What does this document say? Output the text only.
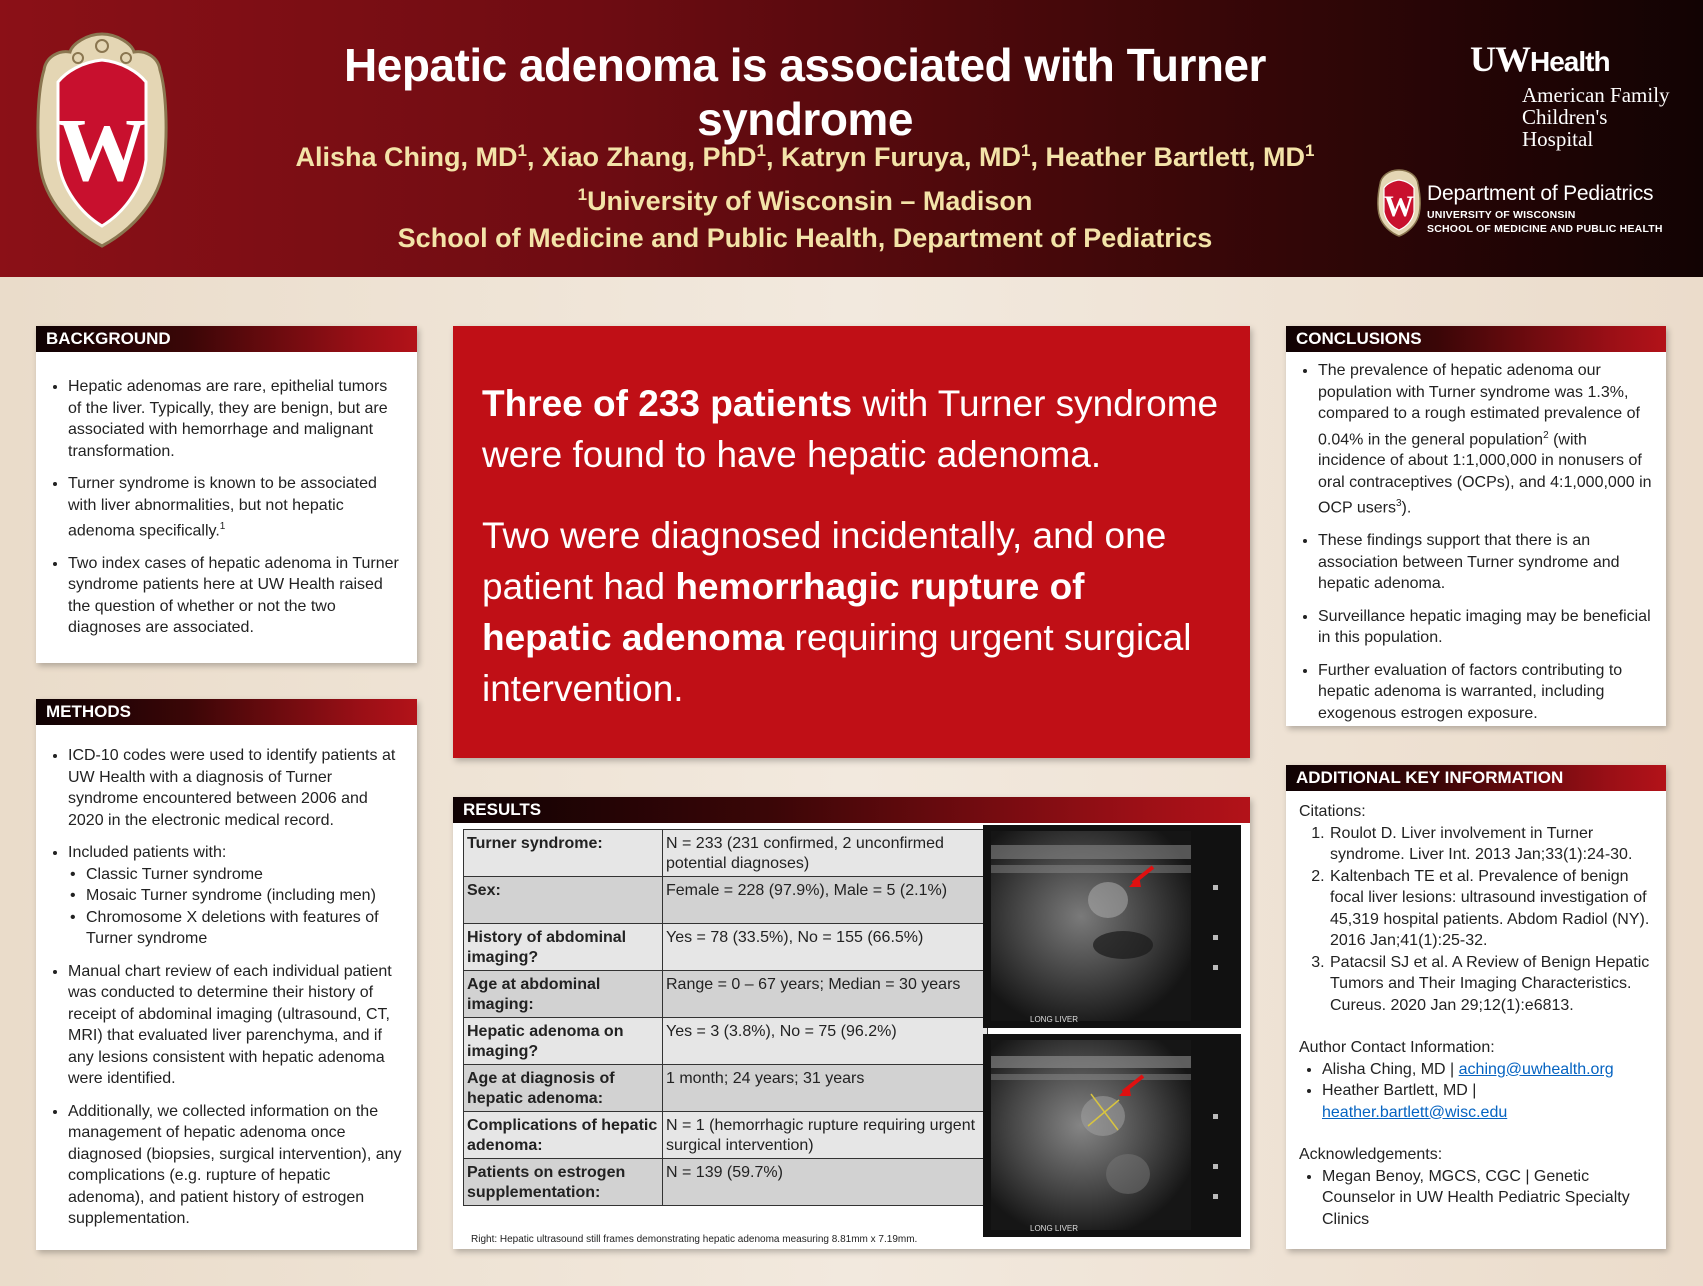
W
Hepatic adenoma is associated with Turner syndrome
Alisha Ching, $MD^1$, Xiao Zhang, PhD$^1$, Katryn Furuya, $MD^1$, Heather Bartlett, $MD^1$
$^1$University of Wisconsin – Madison
School of Medicine and Public Health, Department of Pediatrics
UWHealth
American Family
Children's Hospital
W Department of Pediatrics
UNIVERSITY OF WISCONSIN
SCHOOL OF MEDICINE AND PUBLIC HEALTH
BACKGROUND
• Hepatic adenomas are rare, epithelial tumors of the liver. Typically, they are benign, but are associated with hemorrhage and malignant transformation.
• Turner syndrome is known to be associated with liver abnormalities, but not hepatic adenoma specifically.$^1$
• Two index cases of hepatic adenoma in Turner syndrome patients here at UW Health raised the question of whether or not the two diagnoses are associated.
METHODS
• ICD-10 codes were used to identify patients at UW Health with a diagnosis of Turner syndrome encountered between 2006 and 2020 in the electronic medical record.
• Included patients with:
• Classic Turner syndrome
• Mosaic Turner syndrome (including men)
• Chromosome X deletions with features of Turner syndrome
• Manual chart review of each individual patient was conducted to determine their history of receipt of abdominal imaging (ultrasound, CT, MRI) that evaluated liver parenchyma, and if any lesions consistent with hepatic adenoma were identified.
• Additionally, we collected information on the management of hepatic adenoma once diagnosed (biopsies, surgical intervention), any complications (e.g. rupture of hepatic adenoma), and patient history of estrogen supplementation.

Three of 233 patients with Turner syndrome were found to have hepatic adenoma.

Two were diagnosed incidentally, and one patient had hemorrhagic rupture of hepatic adenoma requiring urgent surgical intervention.

RESULTS
Turner syndrome:	N = 233 (231 confirmed, 2 unconfirmed potential diagnoses)
Sex:	Female = 228 (97.9%), Male = 5 (2.1%)
History of abdominal imaging?	Yes = 78 (33.5%), No = 155 (66.5%)
Age at abdominal imaging:	Range = 0 – 67 years; Median = 30 years
Hepatic adenoma on imaging?	Yes = 3 (3.8%), No = 75 (96.2%)
Age at diagnosis of hepatic adenoma:	1 month; 24 years; 31 years
Complications of hepatic adenoma:	N = 1 (hemorrhagic rupture requiring urgent surgical intervention)
Patients on estrogen supplementation:	N = 139 (59.7%)
Right: Hepatic ultrasound still frames demonstrating hepatic adenoma measuring 8.81mm x 7.19mm.
LONG LIVER
LONG LIVER
CONCLUSIONS
• The prevalence of hepatic adenoma our population with Turner syndrome was 1.3%, compared to a rough estimated prevalence of 0.04% in the general population$^2$ (with incidence of about 1:1,000,000 in nonusers of oral contraceptives (OCPs), and 4:1,000,000 in OCP users$^3$).
• These findings support that there is an association between Turner syndrome and hepatic adenoma.
• Surveillance hepatic imaging may be beneficial in this population.
• Further evaluation of factors contributing to hepatic adenoma is warranted, including exogenous estrogen exposure.
ADDITIONAL KEY INFORMATION
Citations:
1. Roulot D. Liver involvement in Turner syndrome. Liver Int. 2013 Jan;33(1):24-30.
2. Kaltenbach TE et al. Prevalence of benign focal liver lesions: ultrasound investigation of 45,319 hospital patients. Abdom Radiol (NY). 2016 Jan;41(1):25-32.
3. Patacsil SJ et al. A Review of Benign Hepatic Tumors and Their Imaging Characteristics. Cureus. 2020 Jan 29;12(1):e6813.
Author Contact Information:
• Alisha Ching, MD | aching@uwhealth.org
• Heather Bartlett, MD |
heather.bartlett@wisc.edu
Acknowledgements:
• Megan Benoy, MGCS, CGC | Genetic Counselor in UW Health Pediatric Specialty Clinics
